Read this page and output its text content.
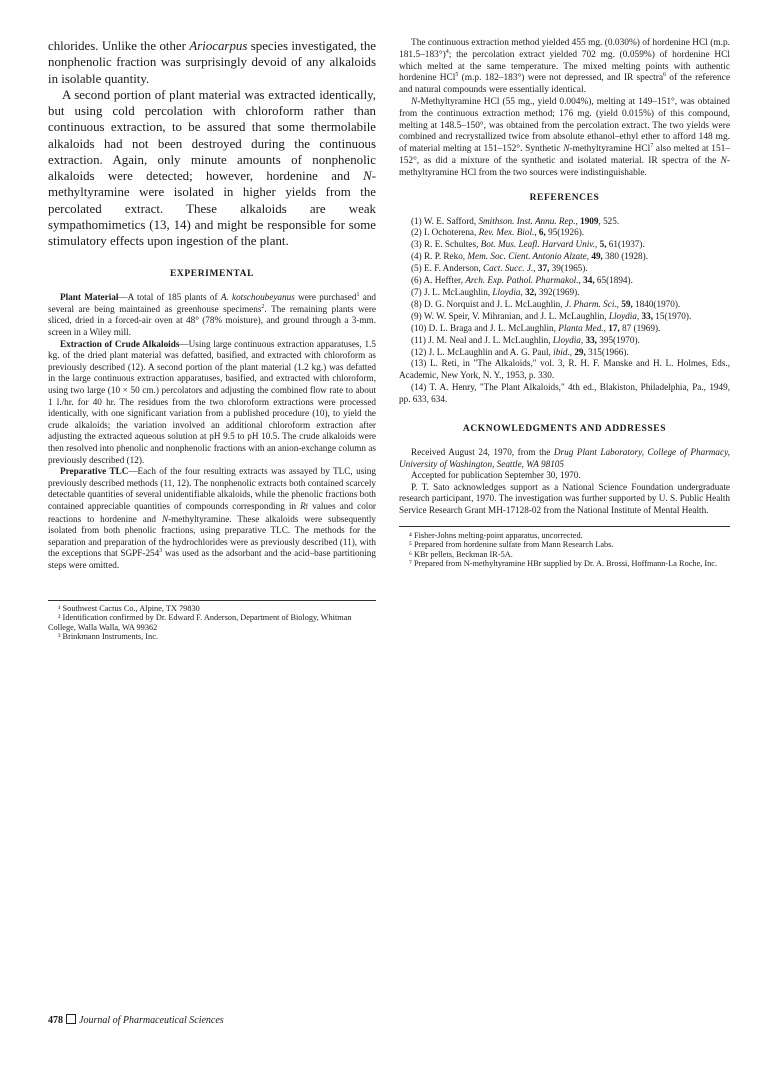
chlorides. Unlike the other Ariocarpus species investigated, the nonphenolic fraction was surprisingly devoid of any alkaloids in isolable quantity.

A second portion of plant material was extracted identically, but using cold percolation with chloroform rather than continuous extraction, to be assured that some thermolabile alkaloids had not been destroyed during the continuous extraction. Again, only minute amounts of nonphenolic alkaloids were detected; however, hordenine and N-methyltyramine were isolated in higher yields from the percolated extract. These alkaloids are weak sympathomimetics (13, 14) and might be responsible for some stimulatory effects upon ingestion of the plant.

EXPERIMENTAL

Plant Material—A total of 185 plants of A. kotschoubeyanus were purchased$^1$ and several are being maintained as greenhouse specimens$^2$. The remaining plants were sliced, dried in a forced-air oven at 48° (78% moisture), and ground through a 3-mm. screen in a Wiley mill.

Extraction of Crude Alkaloids—Using large continuous extraction apparatuses, 1.5 kg. of the dried plant material was defatted, basified, and extracted with chloroform as previously described (12). A second portion of the plant material (1.2 kg.) was defatted in the large continuous extraction apparatuses, basified, and extracted with chloroform, using two large (10 × 50 cm.) percolators and adjusting the combined flow rate to about 1 l./hr. for 40 hr. The residues from the two chloroform extractions were processed identically, with one significant variation from a published procedure (10), to yield the crude alkaloids; the variation involved an additional chloroform extraction after adjusting the extracted aqueous solution at pH 9.5 to pH 10.5. The crude alkaloids were then resolved into phenolic and nonphenolic fractions with an anion-exchange column as previously described (12).

Preparative TLC—Each of the four resulting extracts was assayed by TLC, using previously described methods (11, 12). The nonphenolic extracts both contained scarcely detectable quantities of several unidentifiable alkaloids, while the phenolic fractions both contained appreciable quantities of compounds corresponding in Rf values and color reactions to hordenine and N-methyltyramine. These alkaloids were subsequently isolated from both phenolic fractions, using preparative TLC. The methods for the separation and preparation of the hydrochlorides were as previously described (11), with the exceptions that SGPF-$254^3$ was used as the adsorbant and the acid–base partitioning steps were omitted.

¹ Southwest Cactus Co., Alpine, TX 79830

² Identification confirmed by Dr. Edward F. Anderson, Department of Biology, Whitman College, Walla Walla, WA 99362

³ Brinkmann Instruments, Inc.

The continuous extraction method yielded 455 mg. (0.030%) of hordenine HCl (m.p. 181.5–183°)$^4$; the percolation extract yielded 702 mg. (0.059%) of hordenine HCl which melted at the same temperature. The mixed melting points with authentic hordenine HCl$^5$ (m.p. 182–183°) were not depressed, and IR spectra$^6$ of the reference and natural compounds were essentially identical.

N-Methyltyramine HCl (55 mg., yield 0.004%), melting at 149–151°, was obtained from the continuous extraction method; 176 mg. (yield 0.015%) of this compound, melting at 148.5–150°, was obtained from the percolation extract. The two yields were combined and recrystallized twice from absolute ethanol–ethyl ether to afford 148 mg. of material melting at 151–152°. Synthetic N-methyltyramine HCl$^7$ also melted at 151–152°, as did a mixture of the synthetic and isolated material. IR spectra of the N-methyltyramine HCl from the two sources were indistinguishable.

REFERENCES

(1) W. E. Safford, Smithson. Inst. Annu. Rep., 1909, 525.

(2) I. Ochoterena, Rev. Mex. Biol., 6, 95(1926).

(3) R. E. Schultes, Bot. Mus. Leafl. Harvard Univ., 5, 61(1937).

(4) R. P. Reko, Mem. Soc. Cient. Antonio Alzate, 49, 380 (1928).

(5) E. F. Anderson, Cact. Succ. J., 37, 39(1965).

(6) A. Heffter, Arch. Exp. Pathol. Pharmakol., 34, 65(1894).

(7) J. L. McLaughlin, Lloydia, 32, 392(1969).

(8) D. G. Norquist and J. L. McLaughlin, J. Pharm. Sci., 59, 1840(1970).

(9) W. W. Speir, V. Mihranian, and J. L. McLaughlin, Lloydia, 33, 15(1970).

(10) D. L. Braga and J. L. McLaughlin, Planta Med., 17, 87 (1969).

(11) J. M. Neal and J. L. McLaughlin, Lloydia, 33, 395(1970).

(12) J. L. McLaughlin and A. G. Paul, ibid., 29, 315(1966).

(13) L. Reti, in "The Alkaloids," vol. 3, R. H. F. Manske and H. L. Holmes, Eds., Academic, New York, N. Y., 1953, p. 330.

(14) T. A. Henry, "The Plant Alkaloids," 4th ed., Blakiston, Philadelphia, Pa., 1949, pp. 633, 634.

ACKNOWLEDGMENTS AND ADDRESSES

Received August 24, 1970, from the Drug Plant Laboratory, College of Pharmacy, University of Washington, Seattle, WA 98105

Accepted for publication September 30, 1970.

P. T. Sato acknowledges support as a National Science Foundation undergraduate research participant, 1970. The investigation was further supported by U. S. Public Health Service Research Grant MH-17128-02 from the National Institute of Mental Health.

⁴ Fisher-Johns melting-point apparatus, uncorrected.

⁵ Prepared from hordenine sulfate from Mann Research Labs.

⁶ KBr pellets, Beckman IR-5A.

⁷ Prepared from N-methyltyramine HBr supplied by Dr. A. Brossi, Hoffmann-La Roche, Inc.

478 Journal of Pharmaceutical Sciences
